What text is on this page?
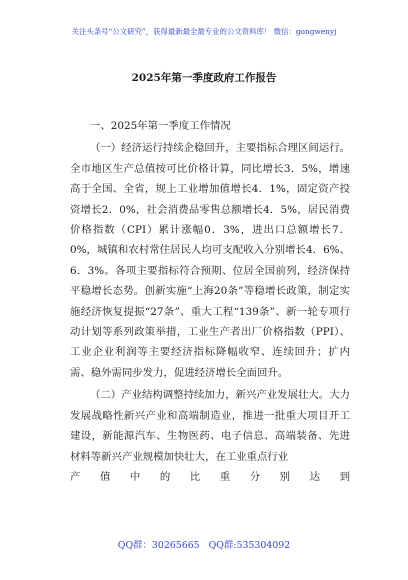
关注头条号“公文研究”，获得最新最全最专业的公文资料库！ 微信：gongwenyj
2025年第一季度政府工作报告

一、2025年第一季度工作情况

（一）经济运行持续企稳回升，主要指标合理区间运行。全市地区生产总值按可比价格计算，同比增长3．5%，增速高于全国、全省，规上工业增加值增长4．1%，固定资产投资增长2．0%，社会消费品零售总额增长4．5%，居民消费价格指数（CPI）累计涨幅0．3%，进出口总额增长7．0%，城镇和农村常住居民人均可支配收入分别增长4．6%、6．3%。各项主要指标符合预期、位居全国前列，经济保持平稳增长态势。创新实施“上海20条”等稳增长政策，制定实施经济恢复提振“27条”、重大工程“139条”、新一轮专项行动计划等系列政策举措，工业生产者出厂价格指数（PPI）、工业企业利润等主要经济指标降幅收窄、连续回升；扩内需、稳外需同步发力，促进经济增长全面回升。

（二）产业结构调整持续加力，新兴产业发展壮大。大力发展战略性新兴产业和高端制造业，推进一批重大项目开工建设，新能源汽车、生物医药、电子信息、高端装备、先进材料等新兴产业规模加快壮大，在工业重点行业

产 值 中 的 比 重 分 别 达 到
QQ群：30265665 QQ群:535304092
